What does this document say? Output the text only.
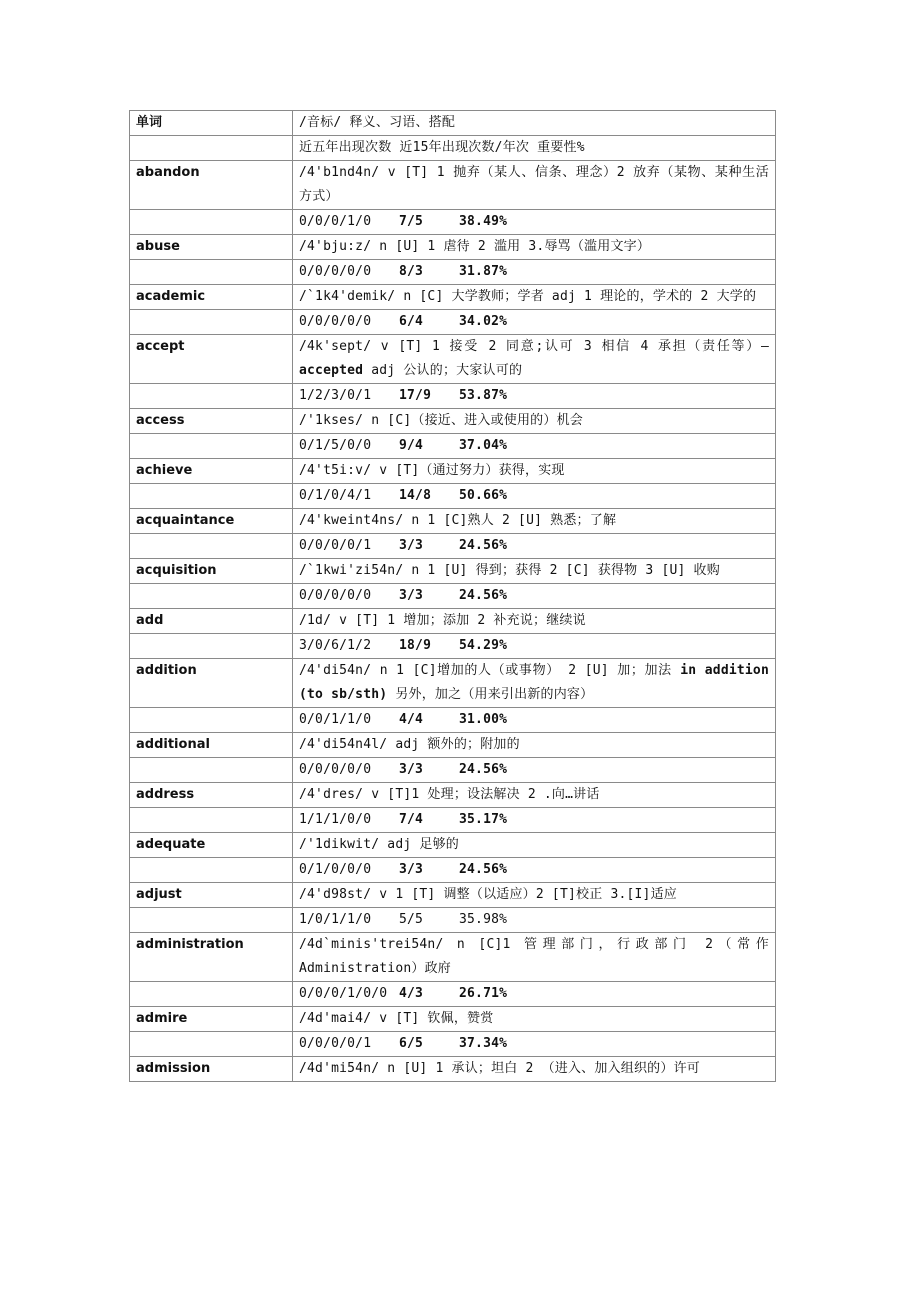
单词	/音标/ 释义、习语、搭配
	近五年出现次数 近15年出现次数/年次 重要性%
abandon	/4'b1nd4n/ v [T] 1 抛弃（某人、信条、理念）2 放弃（某物、某种生活方式）
	0/0/0/1/0 7/5 38.49%
abuse	/4'bju:z/ n [U] 1 虐待 2 滥用 3.辱骂（滥用文字）
	0/0/0/0/0 8/3 31.87%
academic	/`1k4'demik/ n [C] 大学教师；学者 adj 1 理论的，学术的 2 大学的
	0/0/0/0/0 6/4 34.02%
accept	/4k'sept/ v [T] 1 接受 2 同意;认可 3 相信 4 承担（责任等）—accepted adj 公认的；大家认可的
	1/2/3/0/1 17/9 53.87%
access	/'1kses/ n [C]（接近、进入或使用的）机会
	0/1/5/0/0 9/4 37.04%
achieve	/4't5i:v/ v [T]（通过努力）获得，实现
	0/1/0/4/1 14/8 50.66%
acquaintance	/4'kweint4ns/ n 1 [C]熟人 2 [U] 熟悉；了解
	0/0/0/0/1 3/3 24.56%
acquisition	/`1kwi'zi54n/ n 1 [U] 得到；获得 2 [C] 获得物 3 [U] 收购
	0/0/0/0/0 3/3 24.56%
add	/1d/ v [T] 1 增加；添加 2 补充说；继续说
	3/0/6/1/2 18/9 54.29%
addition	/4'di54n/ n 1 [C]增加的人（或事物） 2 [U] 加；加法 in addition (to sb/sth) 另外，加之（用来引出新的内容）
	0/0/1/1/0 4/4 31.00%
additional	/4'di54n4l/ adj 额外的；附加的
	0/0/0/0/0 3/3 24.56%
address	/4'dres/ v [T]1 处理；设法解决 2 .向…讲话
	1/1/1/0/0 7/4 35.17%
adequate	/'1dikwit/ adj 足够的
	0/1/0/0/0 3/3 24.56%
adjust	/4'd98st/ v 1 [T] 调整（以适应）2 [T]校正 3.[I]适应
	1/0/1/1/0 5/5 35.98%
administration	/4d`minis'trei54n/ n [C]1 管理部门，行政部门 2（常作 Administration）政府
	0/0/0/1/0/0 4/3 26.71%
admire	/4d'mai4/ v [T] 钦佩，赞赏
	0/0/0/0/1 6/5 37.34%
admission	/4d'mi54n/ n [U] 1 承认；坦白 2 （进入、加入组织的）许可
